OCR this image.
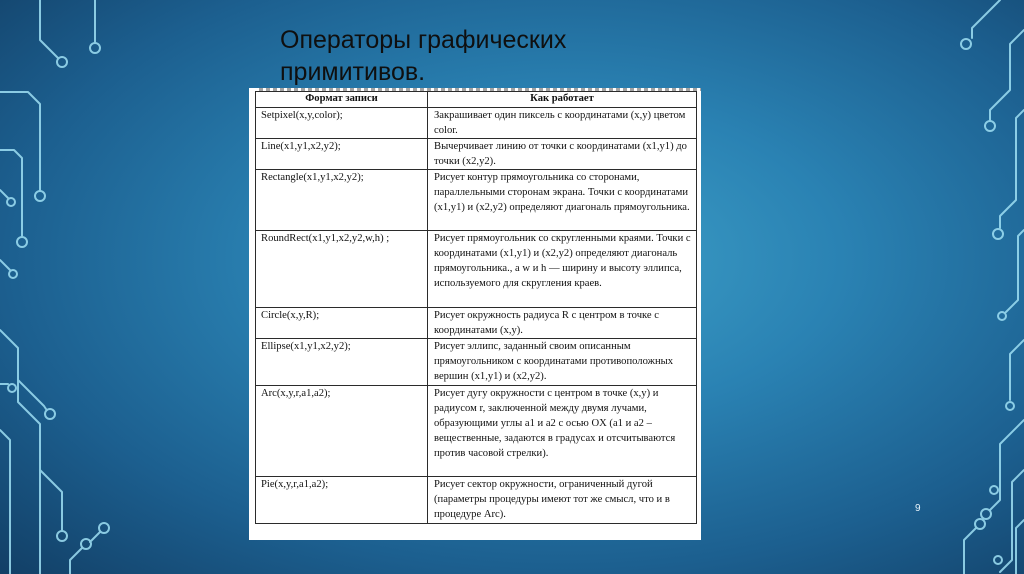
Операторы графических примитивов.
Формат записи	Как работает
Setpixel(x,y,color);	Закрашивает один пиксель с координатами (x,y) цветом color.
Line(x1,y1,x2,y2);	Вычерчивает линию от точки с координатами (x1,y1) до точки (x2,y2).
Rectangle(x1,y1,x2,y2);	Рисует контур прямоугольника со сторонами, параллельными сторонам экрана. Точки с координатами (x1,y1) и (x2,y2) определяют диагональ прямоугольника.
RoundRect(x1,y1,x2,y2,w,h) ;	Рисует прямоугольник со скругленными краями. Точки с координатами (x1,y1) и (x2,y2) определяют диагональ прямоугольника., а w и h — ширину и высоту эллипса, используемого для скругления краев.
Circle(x,y,R);	Рисует окружность радиуса R с центром в точке с координатами (x,y).
Ellipse(x1,y1,x2,y2);	Рисует эллипс, заданный своим описанным прямоугольником с координатами противоположных вершин (x1,y1) и (x2,y2).
Arc(x,y,r,a1,a2);	Рисует дугу окружности с центром в точке (x,y) и радиусом r, заключенной между двумя лучами, образующими углы a1 и a2 с осью OX (a1 и a2 – вещественные, задаются в градусах и отсчитываются против часовой стрелки).
Pie(x,y,r,a1,a2);	Рисует сектор окружности, ограниченный дугой (параметры процедуры имеют тот же смысл, что и в процедуре Arc).
9
